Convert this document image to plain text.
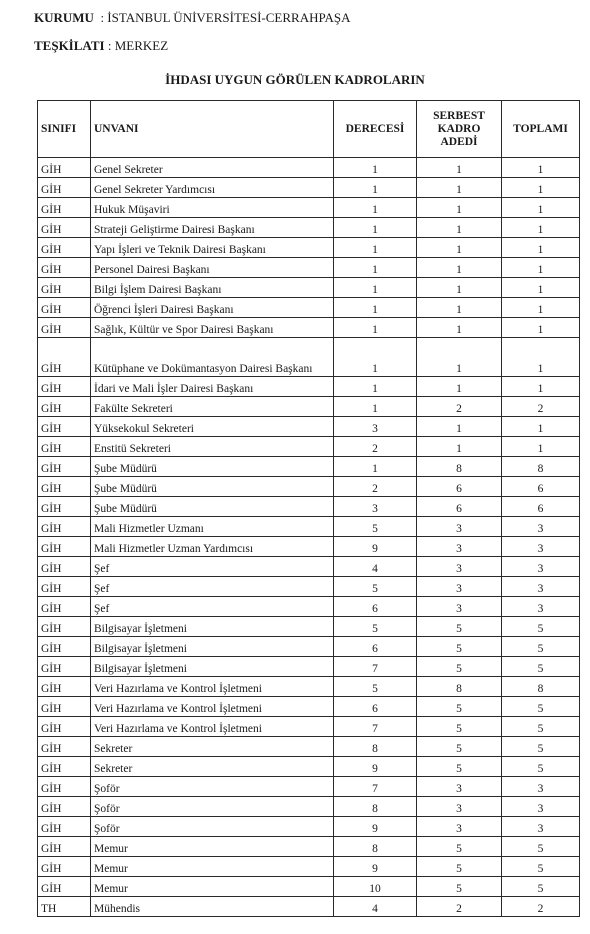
KURUMU : İSTANBUL ÜNİVERSİTESİ-CERRAHPAŞA
TEŞKİLATI : MERKEZ
İHDASI UYGUN GÖRÜLEN KADROLARIN
SINIFI	UNVANI	DERECESİ	SERBEST KADRO ADEDİ	TOPLAMI
GİH	Genel Sekreter	1	1	1
GİH	Genel Sekreter Yardımcısı	1	1	1
GİH	Hukuk Müşaviri	1	1	1
GİH	Strateji Geliştirme Dairesi Başkanı	1	1	1
GİH	Yapı İşleri ve Teknik Dairesi Başkanı	1	1	1
GİH	Personel Dairesi Başkanı	1	1	1
GİH	Bilgi İşlem Dairesi Başkanı	1	1	1
GİH	Öğrenci İşleri Dairesi Başkanı	1	1	1
GİH	Sağlık, Kültür ve Spor Dairesi Başkanı	1	1	1
GİH	Kütüphane ve Dokümantasyon Dairesi Başkanı	1	1	1
GİH	İdari ve Mali İşler Dairesi Başkanı	1	1	1
GİH	Fakülte Sekreteri	1	2	2
GİH	Yüksekokul Sekreteri	3	1	1
GİH	Enstitü Sekreteri	2	1	1
GİH	Şube Müdürü	1	8	8
GİH	Şube Müdürü	2	6	6
GİH	Şube Müdürü	3	6	6
GİH	Mali Hizmetler Uzmanı	5	3	3
GİH	Mali Hizmetler Uzman Yardımcısı	9	3	3
GİH	Şef	4	3	3
GİH	Şef	5	3	3
GİH	Şef	6	3	3
GİH	Bilgisayar İşletmeni	5	5	5
GİH	Bilgisayar İşletmeni	6	5	5
GİH	Bilgisayar İşletmeni	7	5	5
GİH	Veri Hazırlama ve Kontrol İşletmeni	5	8	8
GİH	Veri Hazırlama ve Kontrol İşletmeni	6	5	5
GİH	Veri Hazırlama ve Kontrol İşletmeni	7	5	5
GİH	Sekreter	8	5	5
GİH	Sekreter	9	5	5
GİH	Şoför	7	3	3
GİH	Şoför	8	3	3
GİH	Şoför	9	3	3
GİH	Memur	8	5	5
GİH	Memur	9	5	5
GİH	Memur	10	5	5
TH	Mühendis	4	2	2
